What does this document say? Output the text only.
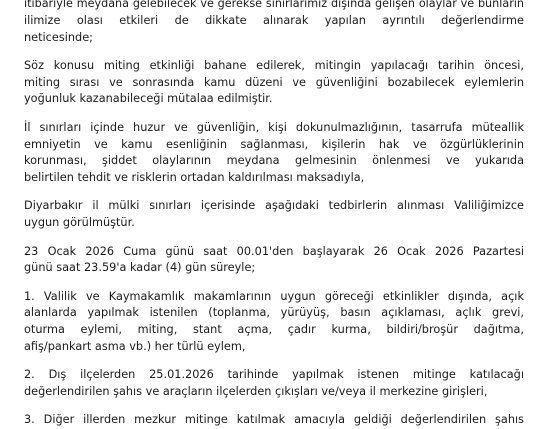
itibariyle meydana gelebilecek ve gerekse sınırlarımız dışında gelişen olaylar ve bunların
ilimize olası etkileri de dikkate alınarak yapılan ayrıntılı değerlendirme
neticesinde;
Söz konusu miting etkinliği bahane edilerek, mitingin yapılacağı tarihin öncesi,
miting sırası ve sonrasında kamu düzeni ve güvenliğini bozabilecek eylemlerin
yoğunluk kazanabileceği mütalaa edilmiştir.
İl sınırları içinde huzur ve güvenliğin, kişi dokunulmazlığının, tasarrufa müteallik
emniyetin ve kamu esenliğinin sağlanması, kişilerin hak ve özgürlüklerinin
korunması, şiddet olaylarının meydana gelmesinin önlenmesi ve yukarıda
belirtilen tehdit ve risklerin ortadan kaldırılması maksadıyla,
Diyarbakır il mülki sınırları içerisinde aşağıdaki tedbirlerin alınması Valiliğimizce
uygun görülmüştür.
23 Ocak 2026 Cuma günü saat 00.01'den başlayarak 26 Ocak 2026 Pazartesi
günü saat 23.59'a kadar (4) gün süreyle;
1. Valilik ve Kaymakamlık makamlarının uygun göreceği etkinlikler dışında, açık
alanlarda yapılmak istenilen (toplanma, yürüyüş, basın açıklaması, açlık grevi,
oturma eylemi, miting, stant açma, çadır kurma, bildiri/broşür dağıtma,
afiş/pankart asma vb.) her türlü eylem,
2. Dış ilçelerden 25.01.2026 tarihinde yapılmak istenen mitinge katılacağı
değerlendirilen şahıs ve araçların ilçelerden çıkışları ve/veya il merkezine girişleri,
3. Diğer illerden mezkur mitinge katılmak amacıyla geldiği değerlendirilen şahıs
